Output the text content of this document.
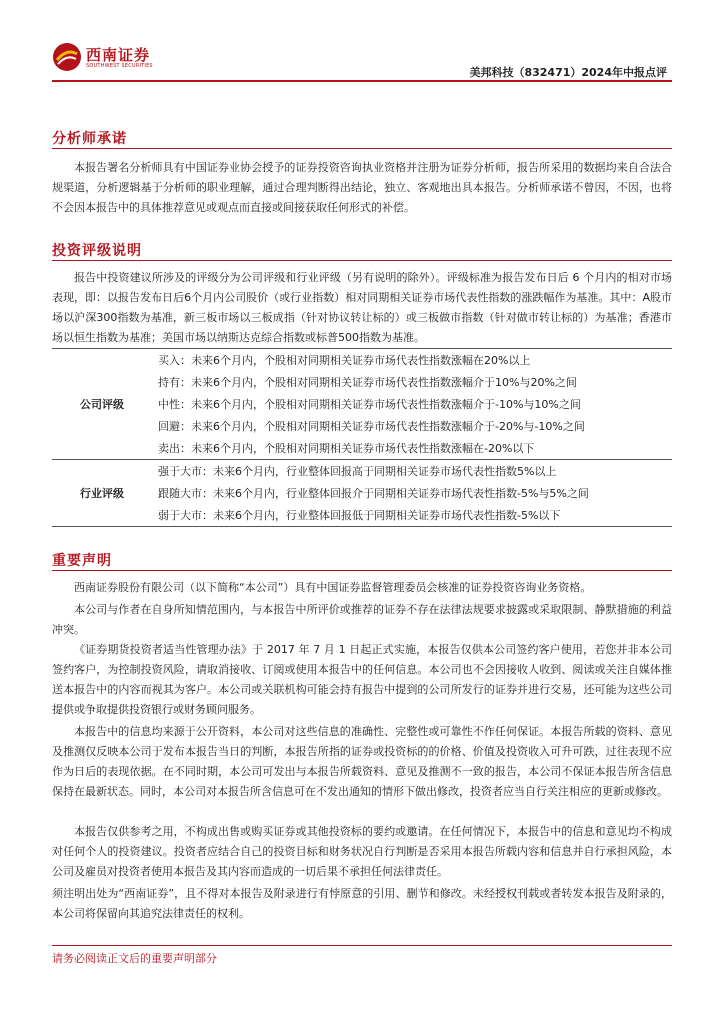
西南证券
SOUTHWEST SECURITIES	美邦科技（832471）2024年中报点评
分析师承诺

本报告署名分析师具有中国证券业协会授予的证券投资咨询执业资格并注册为证券分析师，报告所采用的数据均来自合法合规渠道，分析逻辑基于分析师的职业理解，通过合理判断得出结论，独立、客观地出具本报告。分析师承诺不曾因，不因，也将不会因本报告中的具体推荐意见或观点而直接或间接获取任何形式的补偿。

投资评级说明

报告中投资建议所涉及的评级分为公司评级和行业评级（另有说明的除外）。评级标准为报告发布日后 6 个月内的相对市场表现，即：以报告发布日后6个月内公司股价（或行业指数）相对同期相关证券市场代表性指数的涨跌幅作为基准。其中：A股市场以沪深300指数为基准，新三板市场以三板成指（针对协议转让标的）或三板做市指数（针对做市转让标的）为基准；香港市场以恒生指数为基准；美国市场以纳斯达克综合指数或标普500指数为基准。

公司评级	买入：未来6个月内，个股相对同期相关证券市场代表性指数涨幅在20%以上
	持有：未来6个月内，个股相对同期相关证券市场代表性指数涨幅介于10%与20%之间
	中性：未来6个月内，个股相对同期相关证券市场代表性指数涨幅介于-10%与10%之间
	回避：未来6个月内，个股相对同期相关证券市场代表性指数涨幅介于-20%与-10%之间
	卖出：未来6个月内，个股相对同期相关证券市场代表性指数涨幅在-20%以下
行业评级	强于大市：未来6个月内，行业整体回报高于同期相关证券市场代表性指数5%以上
	跟随大市：未来6个月内，行业整体回报介于同期相关证券市场代表性指数-5%与5%之间
	弱于大市：未来6个月内，行业整体回报低于同期相关证券市场代表性指数-5%以下
重要声明

西南证券股份有限公司（以下简称“本公司”）具有中国证券监督管理委员会核准的证券投资咨询业务资格。

本公司与作者在自身所知情范围内，与本报告中所评价或推荐的证券不存在法律法规要求披露或采取限制、静默措施的利益冲突。

《证券期货投资者适当性管理办法》于 2017 年 7 月 1 日起正式实施，本报告仅供本公司签约客户使用，若您并非本公司签约客户，为控制投资风险，请取消接收、订阅或使用本报告中的任何信息。本公司也不会因接收人收到、阅读或关注自媒体推送本报告中的内容而视其为客户。本公司或关联机构可能会持有报告中提到的公司所发行的证券并进行交易，还可能为这些公司提供或争取提供投资银行或财务顾问服务。

本报告中的信息均来源于公开资料，本公司对这些信息的准确性、完整性或可靠性不作任何保证。本报告所载的资料、意见及推测仅反映本公司于发布本报告当日的判断，本报告所指的证券或投资标的的价格、价值及投资收入可升可跌，过往表现不应作为日后的表现依据。在不同时期，本公司可发出与本报告所载资料、意见及推测不一致的报告，本公司不保证本报告所含信息保持在最新状态。同时，本公司对本报告所含信息可在不发出通知的情形下做出修改，投资者应当自行关注相应的更新或修改。

本报告仅供参考之用，不构成出售或购买证券或其他投资标的要约或邀请。在任何情况下，本报告中的信息和意见均不构成对任何个人的投资建议。投资者应结合自己的投资目标和财务状况自行判断是否采用本报告所载内容和信息并自行承担风险，本公司及雇员对投资者使用本报告及其内容而造成的一切后果不承担任何法律责任。

须注明出处为“西南证券”，且不得对本报告及附录进行有悖原意的引用、删节和修改。未经授权刊载或者转发本报告及附录的，本公司将保留向其追究法律责任的权利。

请务必阅读正文后的重要声明部分
